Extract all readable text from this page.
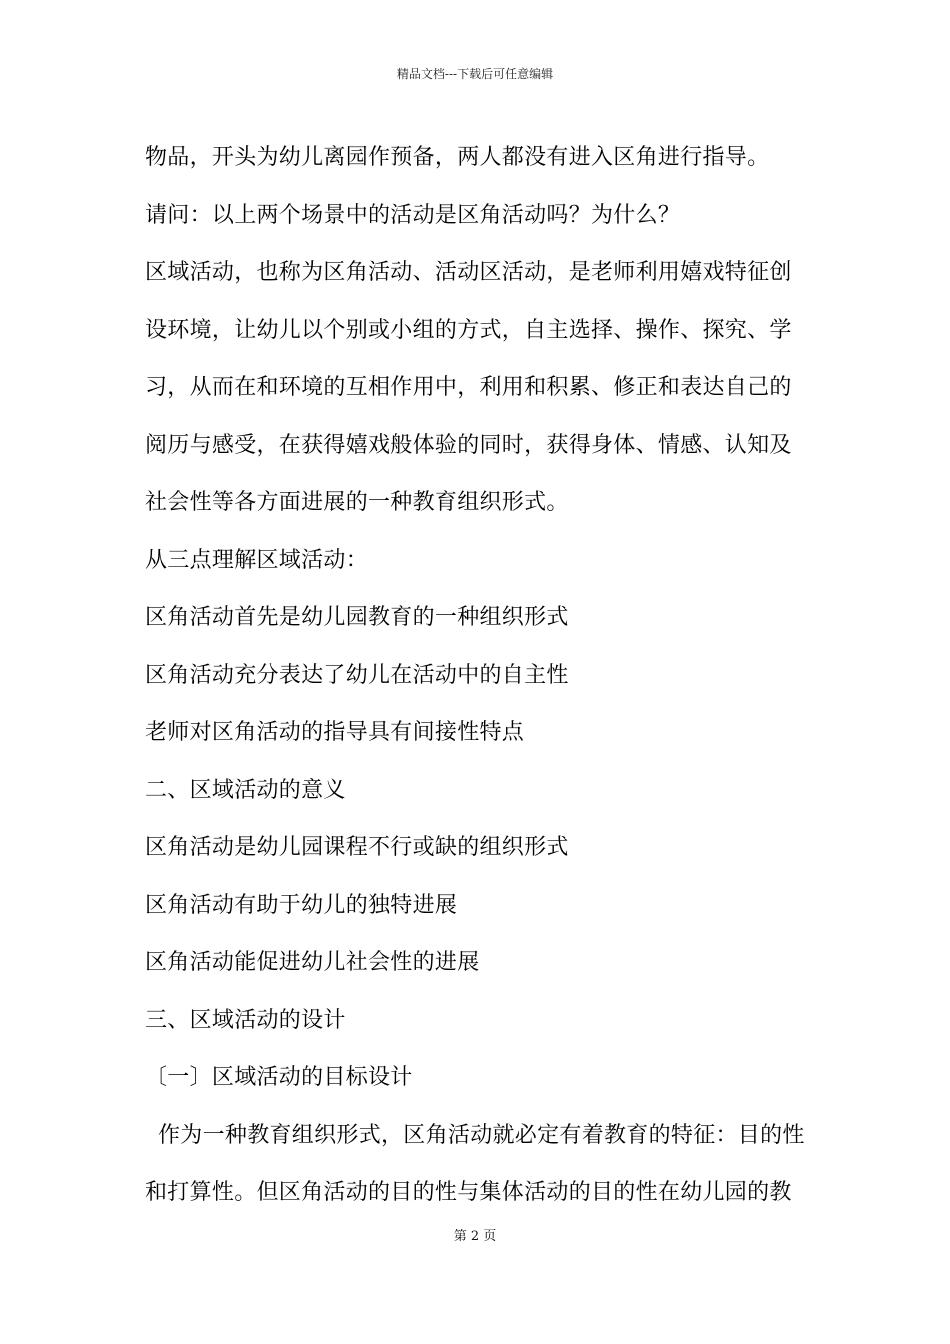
精品文档---下载后可任意编辑
物品，开头为幼儿离园作预备，两人都没有进入区角进行指导。
请问：以上两个场景中的活动是区角活动吗？为什么？
区域活动，也称为区角活动、活动区活动，是老师利用嬉戏特征创
设环境，让幼儿以个别或小组的方式，自主选择、操作、探究、学
习，从而在和环境的互相作用中，利用和积累、修正和表达自己的
阅历与感受，在获得嬉戏般体验的同时，获得身体、情感、认知及
社会性等各方面进展的一种教育组织形式。
从三点理解区域活动：
区角活动首先是幼儿园教育的一种组织形式
区角活动充分表达了幼儿在活动中的自主性
老师对区角活动的指导具有间接性特点
二、区域活动的意义
区角活动是幼儿园课程不行或缺的组织形式
区角活动有助于幼儿的独特进展
区角活动能促进幼儿社会性的进展
三、区域活动的设计
〔一〕区域活动的目标设计
作为一种教育组织形式，区角活动就必定有着教育的特征：目的性
和打算性。但区角活动的目的性与集体活动的目的性在幼儿园的教
第 2 页
